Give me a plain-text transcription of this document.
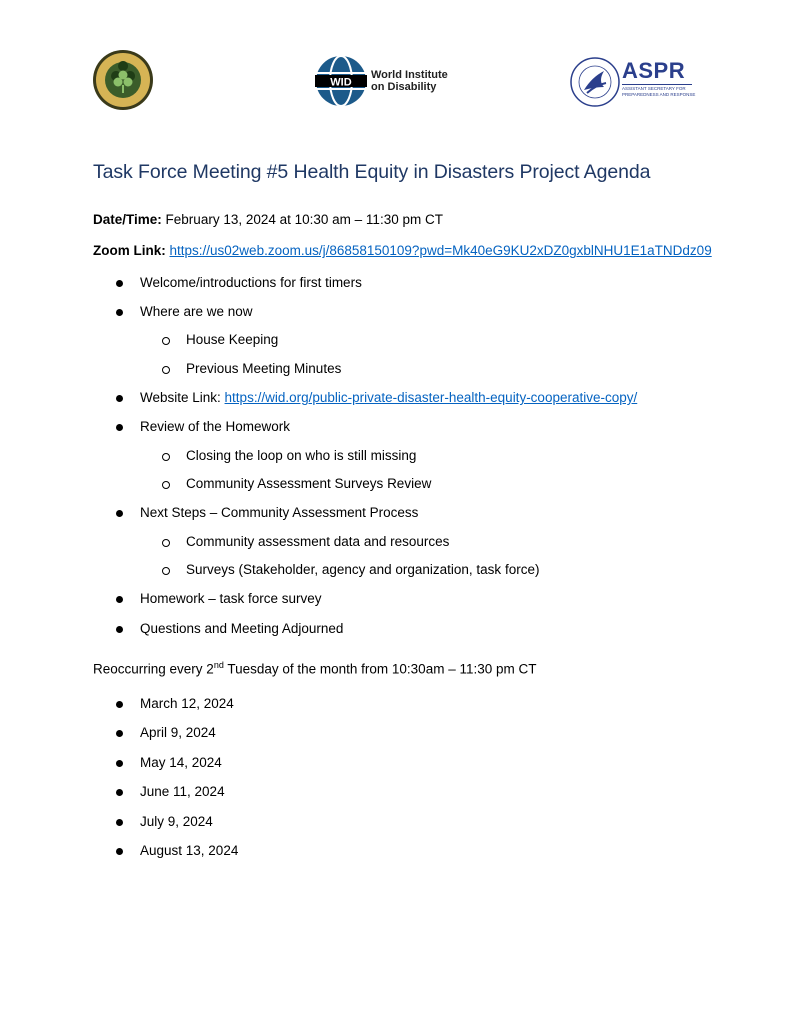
WID
World Institute
on Disability
ASPR
ASSISTANT SECRETARY FOR
PREPAREDNESS AND RESPONSE
Task Force Meeting #5 Health Equity in Disasters Project Agenda
Date/Time: February 13, 2024 at 10:30 am – 11:30 pm CT
Zoom Link: https://us02web.zoom.us/j/86858150109?pwd=Mk40eG9KU2xDZ0gxblNHU1E1aTNDdz09
Welcome/introductions for first timers
Where are we now
House Keeping
Previous Meeting Minutes
Website Link: https://wid.org/public-private-disaster-health-equity-cooperative-copy/
Review of the Homework
Closing the loop on who is still missing
Community Assessment Surveys Review
Next Steps – Community Assessment Process
Community assessment data and resources
Surveys (Stakeholder, agency and organization, task force)
Homework – task force survey
Questions and Meeting Adjourned
Reoccurring every 2nd Tuesday of the month from 10:30am – 11:30 pm CT
March 12, 2024
April 9, 2024
May 14, 2024
June 11, 2024
July 9, 2024
August 13, 2024
